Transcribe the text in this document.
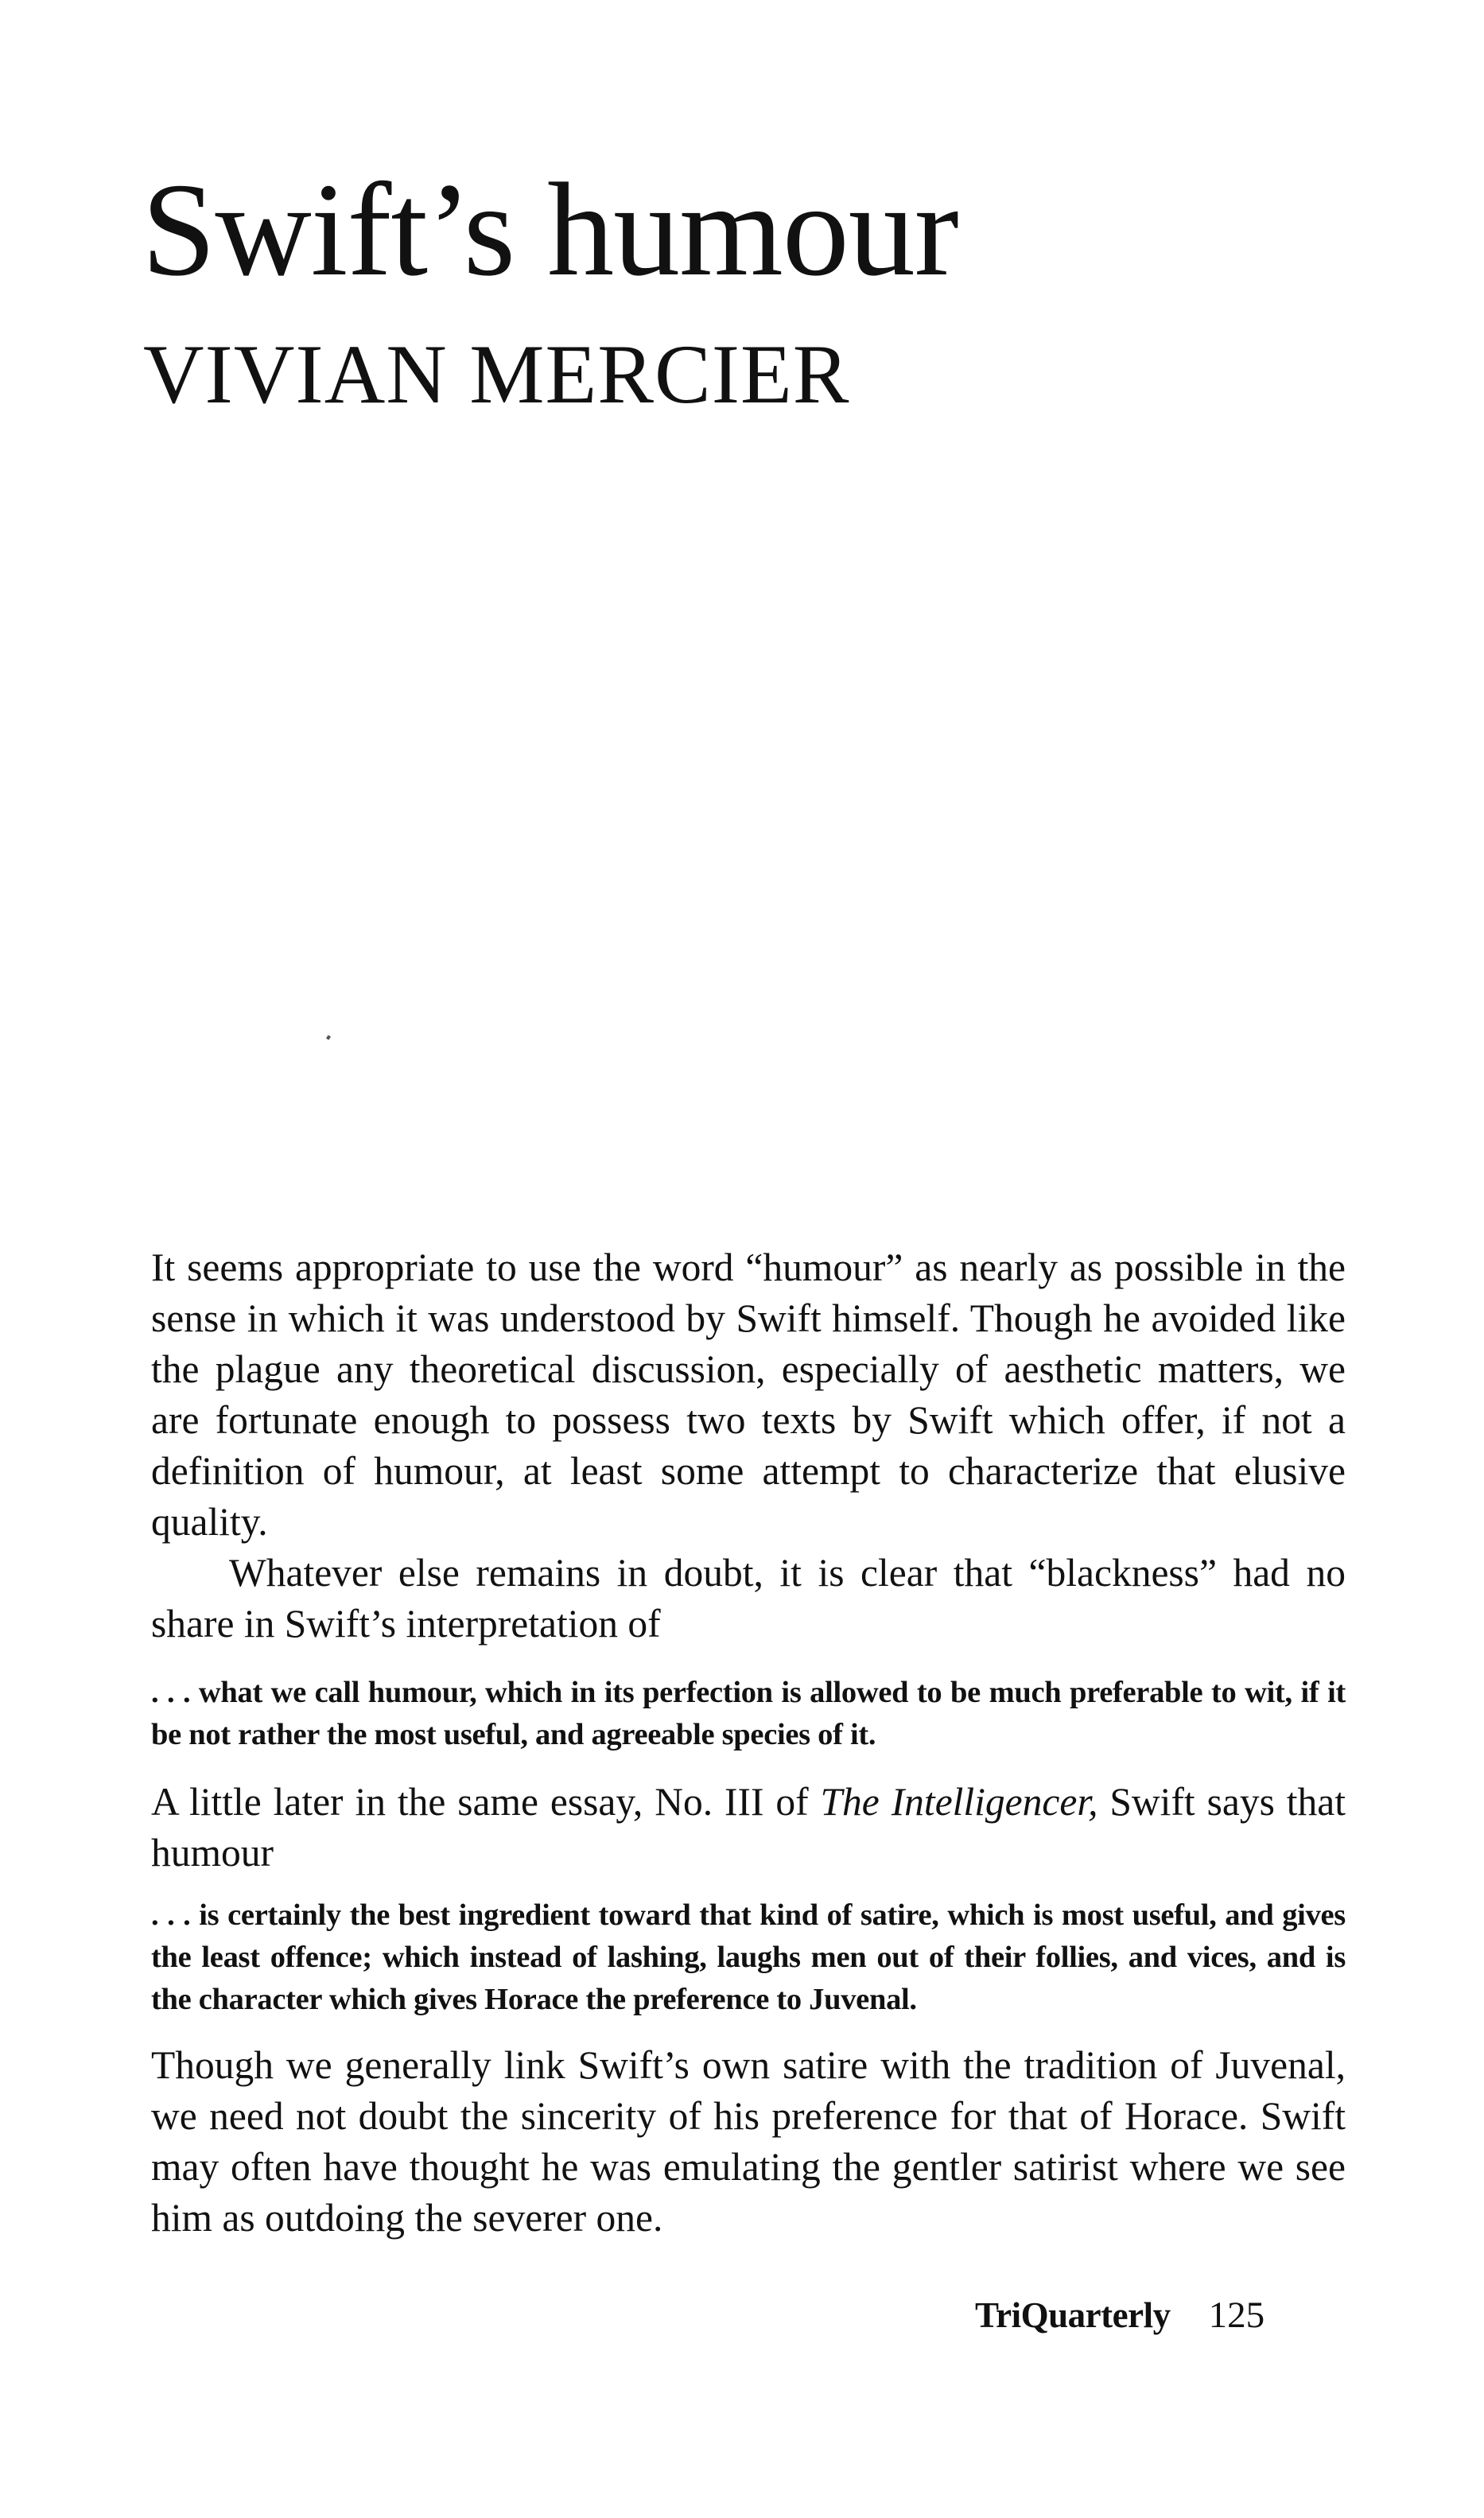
Swift’s humour
VIVIAN MERCIER

It seems appropriate to use the word “humour” as nearly as possible in the sense in which it was understood by Swift himself. Though he avoided like the plague any theoretical discussion, especially of aesthetic matters, we are fortunate enough to possess two texts by Swift which offer, if not a definition of humour, at least some attempt to characterize that elusive quality.

Whatever else remains in doubt, it is clear that “blackness” had no share in Swift’s interpretation of

. . . what we call humour, which in its perfection is allowed to be much preferable to wit, if it be not rather the most useful, and agreeable species of it.

A little later in the same essay, No. III of The Intelligencer, Swift says that humour

. . . is certainly the best ingredient toward that kind of satire, which is most useful, and gives the least offence; which instead of lashing, laughs men out of their follies, and vices, and is the character which gives Horace the preference to Juvenal.

Though we generally link Swift’s own satire with the tradition of Juvenal, we need not doubt the sincerity of his preference for that of Horace. Swift may often have thought he was emulating the gentler satirist where we see him as outdoing the severer one.

TriQuarterly 125
